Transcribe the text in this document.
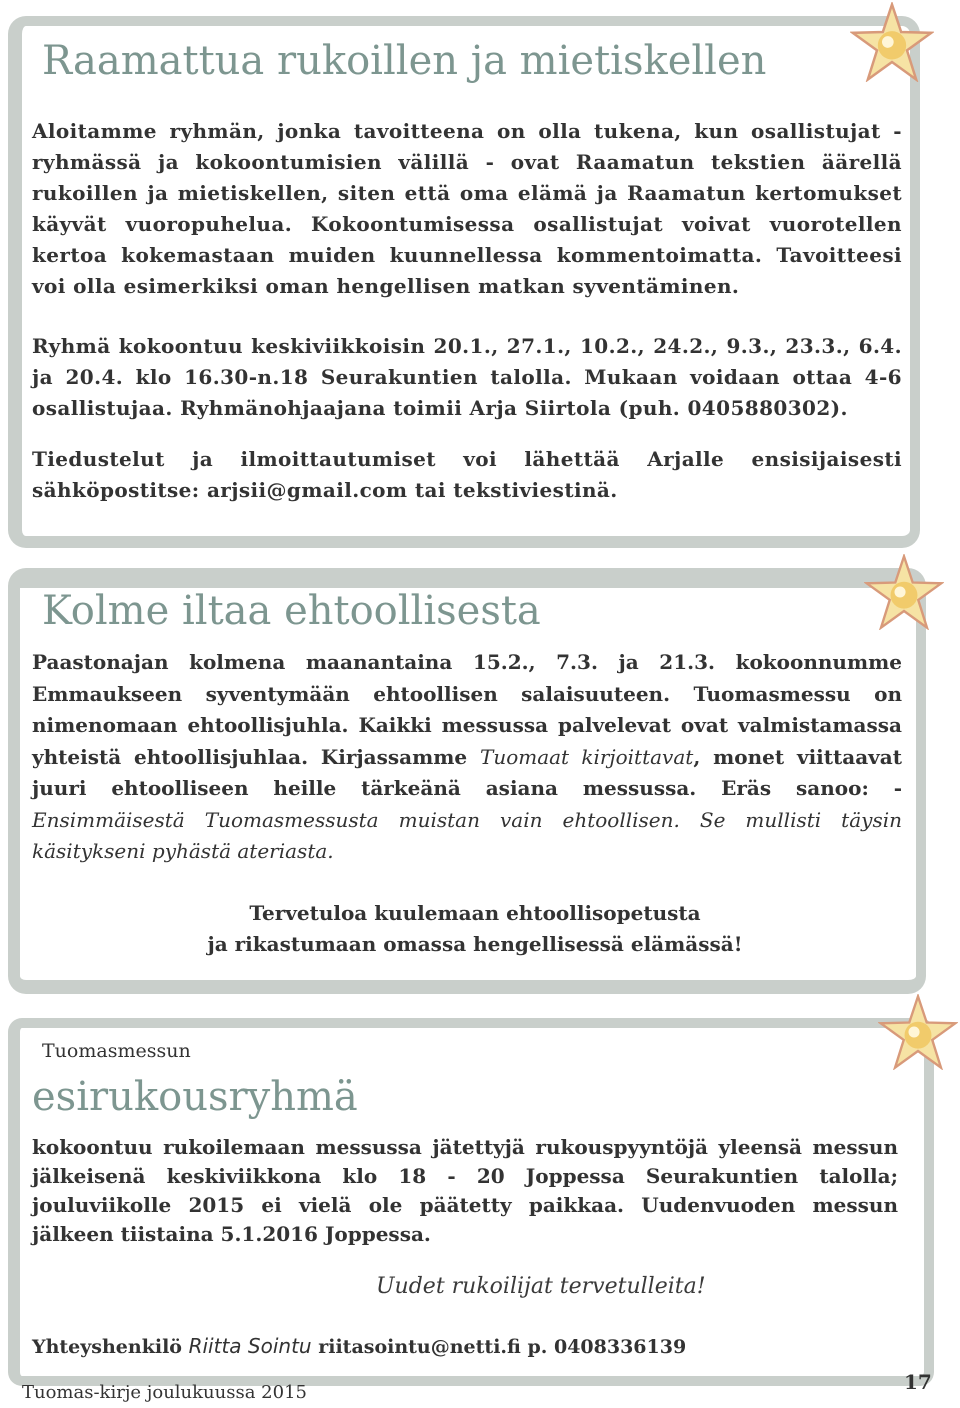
Raamattua rukoillen ja mietiskellen

Aloitamme ryhmän, jonka tavoitteena on olla tukena, kun osallistujat - ryhmässä ja kokoontumisien välillä - ovat Raamatun tekstien äärellä rukoillen ja mietiskellen, siten että oma elämä ja Raamatun kertomukset käyvät vuoropuhelua. Kokoontumisessa osallistujat voivat vuorotellen kertoa kokemastaan muiden kuunnellessa kommentoimatta. Tavoitteesi voi olla esimerkiksi oman hengellisen matkan syventäminen.

Ryhmä kokoontuu keskiviikkoisin 20.1., 27.1., 10.2., 24.2., 9.3., 23.3., 6.4. ja 20.4. klo 16.30-n.18 Seurakuntien talolla. Mukaan voidaan ottaa 4-6 osallistujaa. Ryhmänohjaajana toimii Arja Siirtola (puh. 0405880302).

Tiedustelut ja ilmoittautumiset voi lähettää Arjalle ensisijaisesti sähköpostitse: arjsii@gmail.com tai tekstiviestinä.

Kolme iltaa ehtoollisesta

Paastonajan kolmena maanantaina 15.2., 7.3. ja 21.3. kokoonnumme Emmaukseen syventymään ehtoollisen salaisuuteen. Tuomasmessu on nimenomaan ehtoollisjuhla. Kaikki messussa palvelevat ovat valmistamassa yhteistä ehtoollisjuhlaa. Kirjassamme Tuomaat kirjoittavat, monet viittaavat juuri ehtoolliseen heille tärkeänä asiana messussa. Eräs sanoo: -Ensimmäisestä Tuomasmessusta muistan vain ehtoollisen. Se mullisti täysin käsitykseni pyhästä ateriasta.

Tervetuloa kuulemaan ehtoollisopetusta
ja rikastumaan omassa hengellisessä elämässä!
Tuomasmessun
esirukousryhmä

kokoontuu rukoilemaan messussa jätettyjä rukouspyyntöjä yleensä messun jälkeisenä keskiviikkona klo 18 - 20 Joppessa Seurakuntien talolla; jouluviikolle 2015 ei vielä ole päätetty paikkaa. Uudenvuoden messun jälkeen tiistaina 5.1.2016 Joppessa.

Uudet rukoilijat tervetulleita!
Yhteyshenkilö Riitta Sointu riitasointu@netti.fi p. 0408336139
Tuomas-kirje joulukuussa 2015	17
